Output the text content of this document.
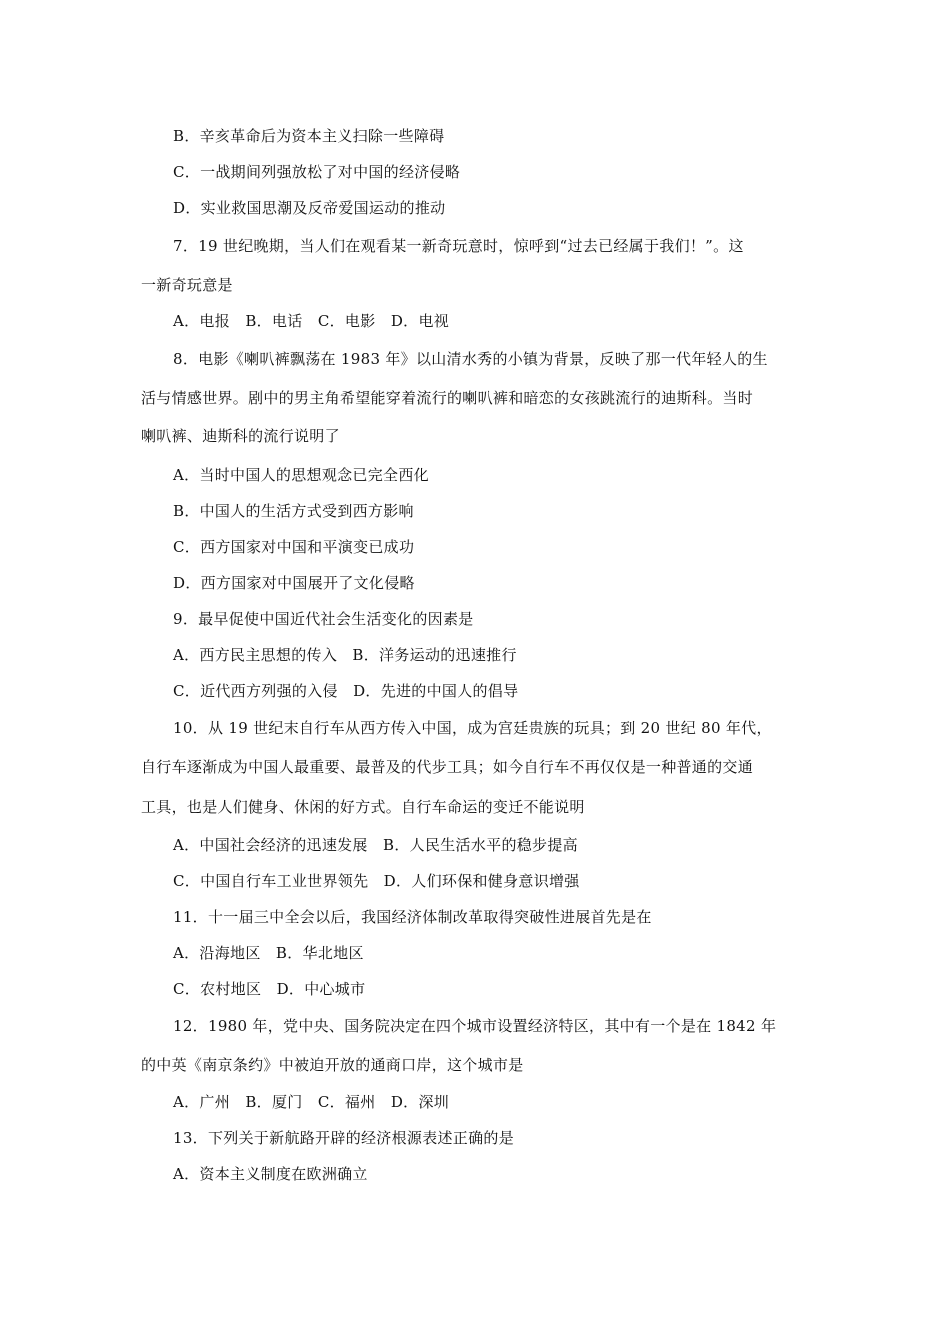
B．辛亥革命后为资本主义扫除一些障碍
C．一战期间列强放松了对中国的经济侵略
D．实业救国思潮及反帝爱国运动的推动
7．19 世纪晚期，当人们在观看某一新奇玩意时，惊呼到“过去已经属于我们！”。这
一新奇玩意是
A．电报　B．电话　C．电影　D．电视
8．电影《喇叭裤飘荡在 1983 年》以山清水秀的小镇为背景，反映了那一代年轻人的生
活与情感世界。剧中的男主角希望能穿着流行的喇叭裤和暗恋的女孩跳流行的迪斯科。当时
喇叭裤、迪斯科的流行说明了
A．当时中国人的思想观念已完全西化
B．中国人的生活方式受到西方影响
C．西方国家对中国和平演变已成功
D．西方国家对中国展开了文化侵略
9．最早促使中国近代社会生活变化的因素是
A．西方民主思想的传入　B．洋务运动的迅速推行
C．近代西方列强的入侵　D．先进的中国人的倡导
10．从 19 世纪末自行车从西方传入中国，成为宫廷贵族的玩具；到 20 世纪 80 年代，
自行车逐渐成为中国人最重要、最普及的代步工具；如今自行车不再仅仅是一种普通的交通
工具，也是人们健身、休闲的好方式。自行车命运的变迁不能说明
A．中国社会经济的迅速发展　B．人民生活水平的稳步提高
C．中国自行车工业世界领先　D．人们环保和健身意识增强
11．十一届三中全会以后，我国经济体制改革取得突破性进展首先是在
A．沿海地区　B．华北地区
C．农村地区　D．中心城市
12．1980 年，党中央、国务院决定在四个城市设置经济特区，其中有一个是在 1842 年
的中英《南京条约》中被迫开放的通商口岸，这个城市是
A．广州　B．厦门　C．福州　D．深圳
13．下列关于新航路开辟的经济根源表述正确的是
A．资本主义制度在欧洲确立
